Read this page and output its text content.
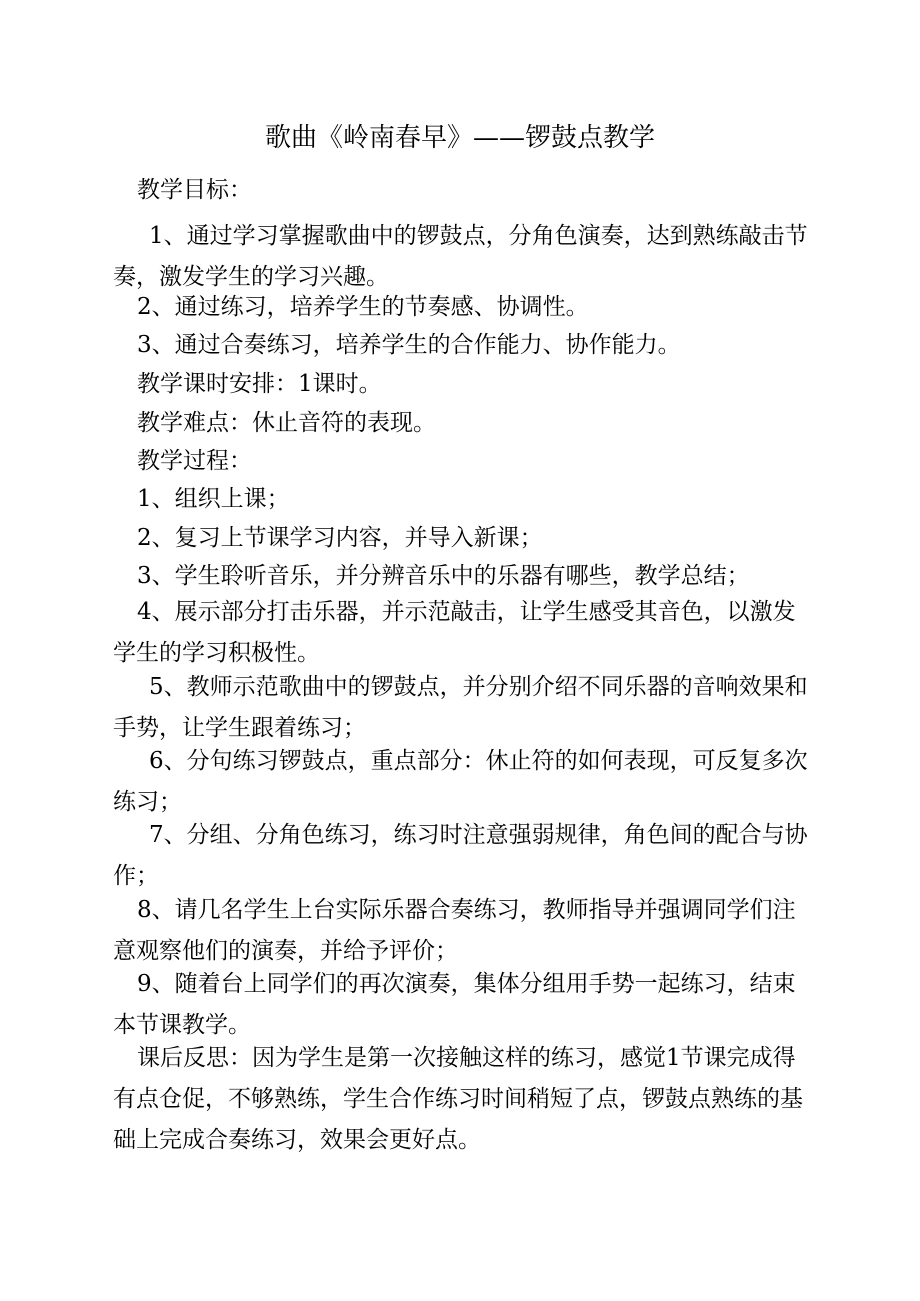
歌曲《岭南春早》——锣鼓点教学

教学目标：

1、通过学习掌握歌曲中的锣鼓点，分角色演奏，达到熟练敲击节奏，激发学生的学习兴趣。

2、通过练习，培养学生的节奏感、协调性。

3、通过合奏练习，培养学生的合作能力、协作能力。

教学课时安排：1课时。

教学难点：休止音符的表现。

教学过程：

1、组织上课；

2、复习上节课学习内容，并导入新课；

3、学生聆听音乐，并分辨音乐中的乐器有哪些，教学总结；

4、展示部分打击乐器，并示范敲击，让学生感受其音色，以激发学生的学习积极性。

5、教师示范歌曲中的锣鼓点，并分别介绍不同乐器的音响效果和手势，让学生跟着练习；

6、分句练习锣鼓点，重点部分：休止符的如何表现，可反复多次练习；

7、分组、分角色练习，练习时注意强弱规律，角色间的配合与协作；

8、请几名学生上台实际乐器合奏练习，教师指导并强调同学们注意观察他们的演奏，并给予评价；

9、随着台上同学们的再次演奏，集体分组用手势一起练习，结束本节课教学。

课后反思：因为学生是第一次接触这样的练习，感觉1节课完成得有点仓促，不够熟练，学生合作练习时间稍短了点，锣鼓点熟练的基础上完成合奏练习，效果会更好点。
